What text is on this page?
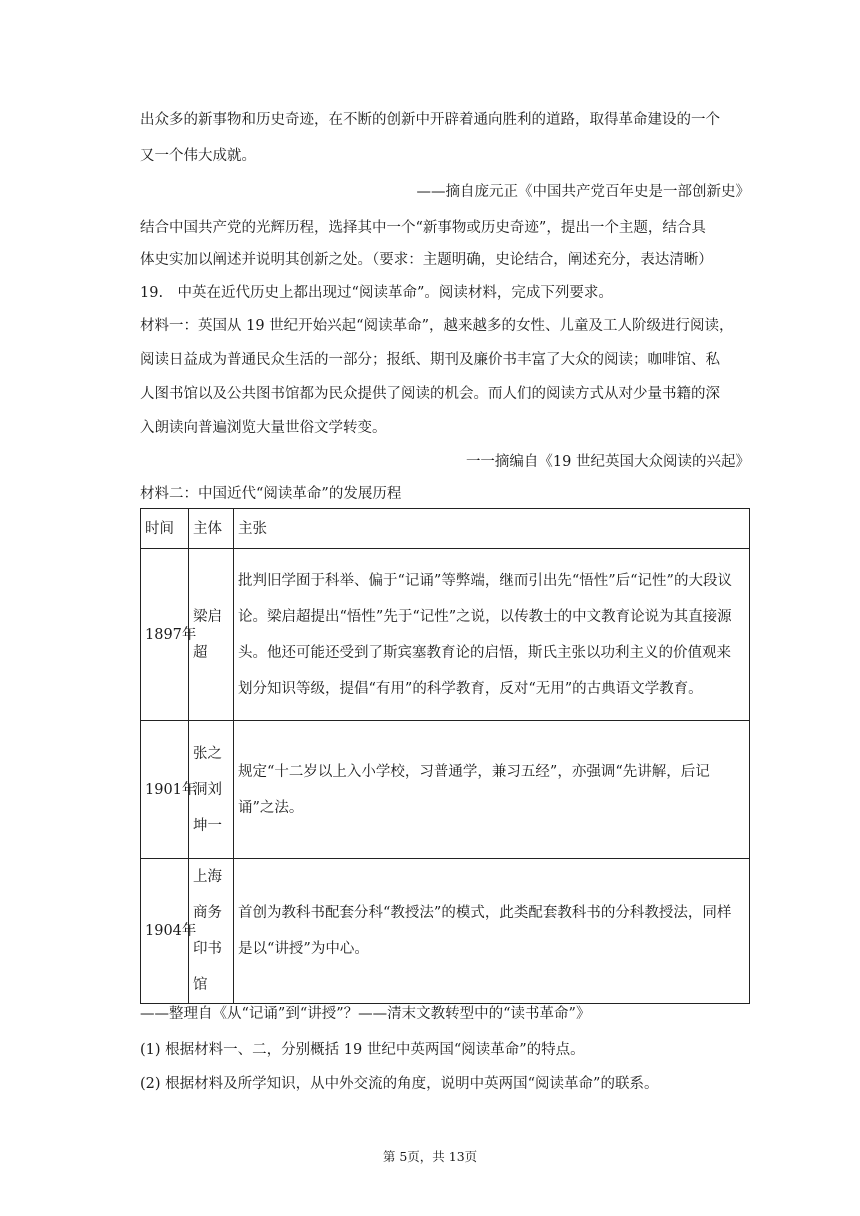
出众多的新事物和历史奇迹，在不断的创新中开辟着通向胜利的道路，取得革命建设的一个
又一个伟大成就。
——摘自庞元正《中国共产党百年史是一部创新史》
结合中国共产党的光辉历程，选择其中一个“新事物或历史奇迹”，提出一个主题，结合具
体史实加以阐述并说明其创新之处。（要求：主题明确，史论结合，阐述充分，表达清晰）
19.　中英在近代历史上都出现过“阅读革命”。阅读材料，完成下列要求。
材料一：英国从 19 世纪开始兴起“阅读革命”，越来越多的女性、儿童及工人阶级进行阅读，
阅读日益成为普通民众生活的一部分；报纸、期刊及廉价书丰富了大众的阅读；咖啡馆、私
人图书馆以及公共图书馆都为民众提供了阅读的机会。而人们的阅读方式从对少量书籍的深
入朗读向普遍浏览大量世俗文学转变。
一一摘编自《19 世纪英国大众阅读的兴起》
材料二：中国近代“阅读革命”的发展历程
时间	主体	主张
1897年	梁启超	批判旧学囿于科举、偏于“记诵”等弊端，继而引出先“悟性”后“记性”的大段议论。梁启超提出“悟性”先于“记性”之说，以传教士的中文教育论说为其直接源头。他还可能还受到了斯宾塞教育论的启悟，斯氏主张以功利主义的价值观来划分知识等级，提倡“有用”的科学教育，反对“无用”的古典语文学教育。
1901年	张之洞刘坤一	规定“十二岁以上入小学校，习普通学，兼习五经”，亦强调“先讲解，后记诵”之法。
1904年	上海商务印书馆	首创为教科书配套分科“教授法”的模式，此类配套教科书的分科教授法，同样是以“讲授”为中心。
——整理自《从“记诵”到“讲授”？——清末文教转型中的“读书革命”》
(1) 根据材料一、二，分别概括 19 世纪中英两国“阅读革命”的特点。
(2) 根据材料及所学知识，从中外交流的角度，说明中英两国“阅读革命”的联系。
第 5页，共 13页
